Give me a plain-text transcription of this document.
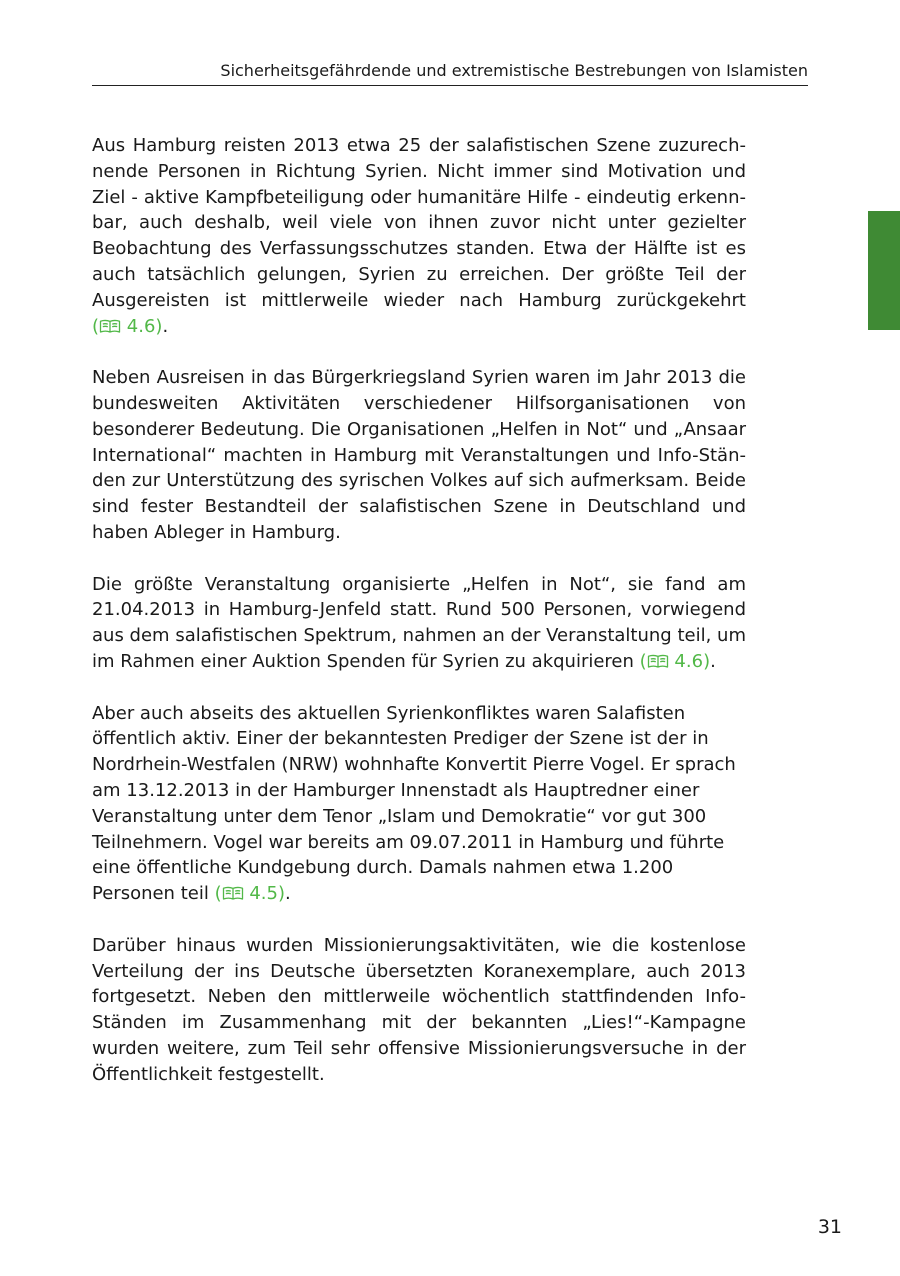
Sicherheitsgefährdende und extremistische Bestrebungen von Islamisten

Aus Hamburg reisten 2013 etwa 25 der salafistischen Szene zuzurechnende Personen in Richtung Syrien. Nicht immer sind Motivation und Ziel - aktive Kampfbeteiligung oder humanitäre Hilfe - eindeutig erkennbar, auch deshalb, weil viele von ihnen zuvor nicht unter gezielter Beobachtung des Verfassungsschutzes standen. Etwa der Hälfte ist es auch tatsächlich gelungen, Syrien zu erreichen. Der größte Teil der Ausgereisten ist mittlerweile wieder nach Hamburg zurückgekehrt ( 4.6).

Neben Ausreisen in das Bürgerkriegsland Syrien waren im Jahr 2013 die bundesweiten Aktivitäten verschiedener Hilfsorganisationen von besonderer Bedeutung. Die Organisationen „Helfen in Not“ und „Ansaar International“ machten in Hamburg mit Veranstaltungen und Info-Ständen zur Unterstützung des syrischen Volkes auf sich aufmerksam. Beide sind fester Bestandteil der salafistischen Szene in Deutschland und haben Ableger in Hamburg.

Die größte Veranstaltung organisierte „Helfen in Not“, sie fand am 21.04.2013 in Hamburg-Jenfeld statt. Rund 500 Personen, vorwiegend aus dem salafistischen Spektrum, nahmen an der Veranstaltung teil, um im Rahmen einer Auktion Spenden für Syrien zu akquirieren ( 4.6).

Aber auch abseits des aktuellen Syrienkonfliktes waren Salafisten öffentlich aktiv. Einer der bekanntesten Prediger der Szene ist der in Nordrhein-Westfalen (NRW) wohnhafte Konvertit Pierre Vogel. Er sprach am 13.12.2013 in der Hamburger Innenstadt als Hauptredner einer Veranstaltung unter dem Tenor „Islam und Demokratie“ vor gut 300 Teilnehmern. Vogel war bereits am 09.07.2011 in Hamburg und führte eine öffentliche Kundgebung durch. Damals nahmen etwa 1.200 Personen teil ( 4.5).

Darüber hinaus wurden Missionierungsaktivitäten, wie die kostenlose Verteilung der ins Deutsche übersetzten Koranexemplare, auch 2013 fortgesetzt. Neben den mittlerweile wöchentlich stattfindenden Info-Ständen im Zusammenhang mit der bekannten „Lies!“-Kampagne wurden weitere, zum Teil sehr offensive Missionierungsversuche in der Öffentlichkeit festgestellt.

31
